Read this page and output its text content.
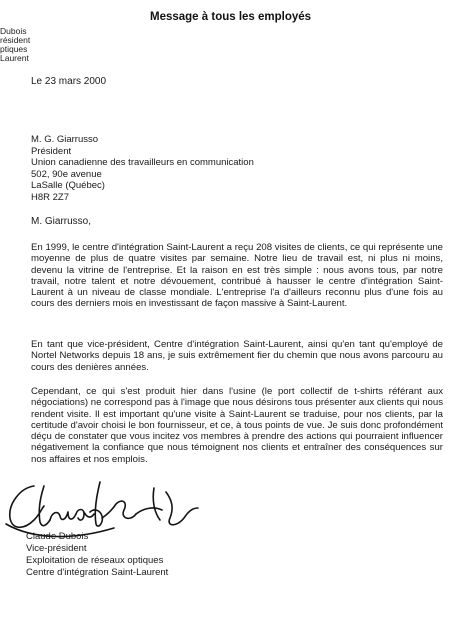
Message à tous les employés
Dubois
résident
ptiques
Laurent
Le 23 mars 2000
M. G. Giarrusso
Président
Union canadienne des travailleurs en communication
502, 90e avenue
LaSalle (Québec)
H8R 2Z7
M. Giarrusso,

En 1999, le centre d'intégration Saint-Laurent a reçu 208 visites de clients, ce qui représente une moyenne de plus de quatre visites par semaine. Notre lieu de travail est, ni plus ni moins, devenu la vitrine de l'entreprise. Et la raison en est très simple : nous avons tous, par notre travail, notre talent et notre dévouement, contribué à hausser le centre d'intégration Saint-Laurent à un niveau de classe mondiale. L'entreprise l'a d'ailleurs reconnu plus d'une fois au cours des derniers mois en investissant de façon massive à Saint-Laurent.

En tant que vice-président, Centre d'intégration Saint-Laurent, ainsi qu'en tant qu'employé de Nortel Networks depuis 18 ans, je suis extrêmement fier du chemin que nous avons parcouru au cours des denières années.

Cependant, ce qui s'est produit hier dans l'usine (le port collectif de t-shirts référant aux négociations) ne correspond pas à l'image que nous désirons tous présenter aux clients qui nous rendent visite. Il est important qu'une visite à Saint-Laurent se traduise, pour nos clients, par la certitude d'avoir choisi le bon fournisseur, et ce, à tous points de vue. Je suis donc profondément déçu de constater que vous incitez vos membres à prendre des actions qui pourraient influencer négativement la confiance que nous témoignent nos clients et entraîner des conséquences sur nos affaires et nos emplois.

Claude Dubois
Vice-président
Exploitation de réseaux optiques
Centre d'intégration Saint-Laurent
